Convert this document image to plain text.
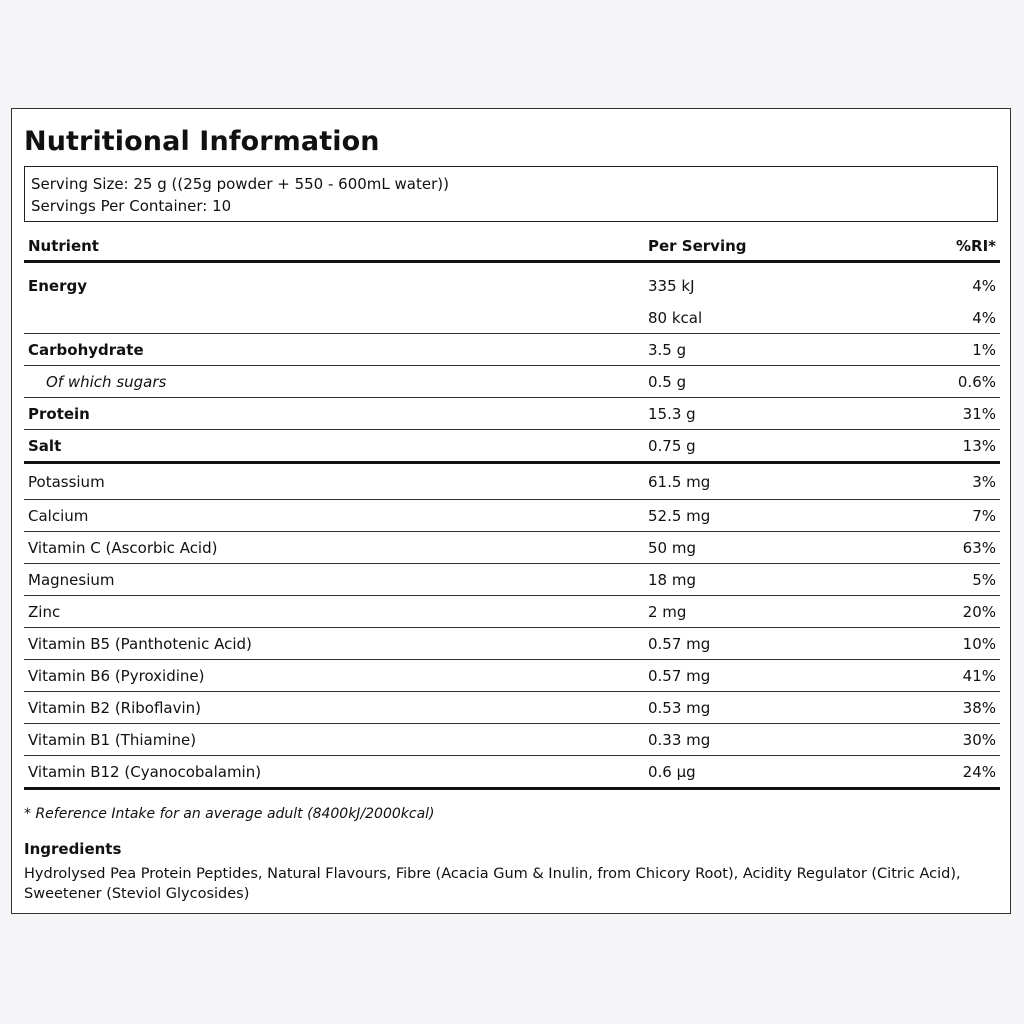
Nutritional Information
Serving Size: 25 g ((25g powder + 550 - 600mL water))
Servings Per Container: 10
Nutrient	Per Serving	%RI*
Energy	335 kJ	4%
	80 kcal	4%
Carbohydrate	3.5 g	1%
Of which sugars	0.5 g	0.6%
Protein	15.3 g	31%
Salt	0.75 g	13%
Potassium	61.5 mg	3%
Calcium	52.5 mg	7%
Vitamin C (Ascorbic Acid)	50 mg	63%
Magnesium	18 mg	5%
Zinc	2 mg	20%
Vitamin B5 (Panthotenic Acid)	0.57 mg	10%
Vitamin B6 (Pyroxidine)	0.57 mg	41%
Vitamin B2 (Riboflavin)	0.53 mg	38%
Vitamin B1 (Thiamine)	0.33 mg	30%
Vitamin B12 (Cyanocobalamin)	0.6 µg	24%
* Reference Intake for an average adult (8400kJ/2000kcal)
Ingredients
Hydrolysed Pea Protein Peptides, Natural Flavours, Fibre (Acacia Gum & Inulin, from Chicory Root), Acidity Regulator (Citric Acid), Sweetener (Steviol Glycosides)
